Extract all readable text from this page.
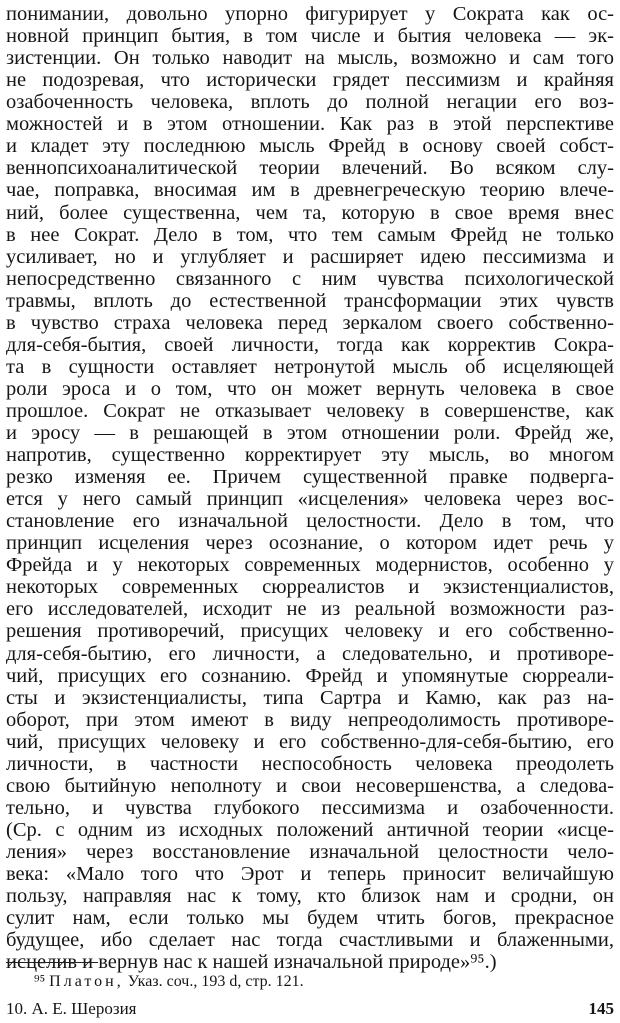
понимании, довольно упорно фигурирует у Сократа как ос-
новной принцип бытия, в том числе и бытия человека — эк-
зистенции. Он только наводит на мысль, возможно и сам того
не подозревая, что исторически грядет пессимизм и крайняя
озабоченность человека, вплоть до полной негации его воз-
можностей и в этом отношении. Как раз в этой перспективе
и кладет эту последнюю мысль Фрейд в основу своей собст-
веннопсихоаналитической теории влечений. Во всяком слу-
чае, поправка, вносимая им в древнегреческую теорию влече-
ний, более существенна, чем та, которую в свое время внес
в нее Сократ. Дело в том, что тем самым Фрейд не только
усиливает, но и углубляет и расширяет идею пессимизма и
непосредственно связанного с ним чувства психологической
травмы, вплоть до естественной трансформации этих чувств
в чувство страха человека перед зеркалом своего собственно-
для-себя-бытия, своей личности, тогда как корректив Сокра-
та в сущности оставляет нетронутой мысль об исцеляющей
роли эроса и о том, что он может вернуть человека в свое
прошлое. Сократ не отказывает человеку в совершенстве, как
и эросу — в решающей в этом отношении роли. Фрейд же,
напротив, существенно корректирует эту мысль, во многом
резко изменяя ее. Причем существенной правке подверга-
ется у него самый принцип «исцеления» человека через вос-
становление его изначальной целостности. Дело в том, что
принцип исцеления через осознание, о котором идет речь у
Фрейда и у некоторых современных модернистов, особенно у
некоторых современных сюрреалистов и экзистенциалистов,
его исследователей, исходит не из реальной возможности раз-
решения противоречий, присущих человеку и его собственно-
для-себя-бытию, его личности, а следовательно, и противоре-
чий, присущих его сознанию. Фрейд и упомянутые сюрреали-
сты и экзистенциалисты, типа Сартра и Камю, как раз на-
оборот, при этом имеют в виду непреодолимость противоре-
чий, присущих человеку и его собственно-для-себя-бытию, его
личности, в частности неспособность человека преодолеть
свою бытийную неполноту и свои несовершенства, а следова-
тельно, и чувства глубокого пессимизма и озабоченности.
(Ср. с одним из исходных положений античной теории «исце-
ления» через восстановление изначальной целостности чело-
века: «Мало того что Эрот и теперь приносит величайшую
пользу, направляя нас к тому, кто близок нам и сродни, он
сулит нам, если только мы будем чтить богов, прекрасное
будущее, ибо сделает нас тогда счастливыми и блаженными,
исцелив и вернув нас к нашей изначальной природе»⁹⁵.)
⁹⁵ Платон, Указ. соч., 193 d, стр. 121.
10. А. Е. Шерозия	145
